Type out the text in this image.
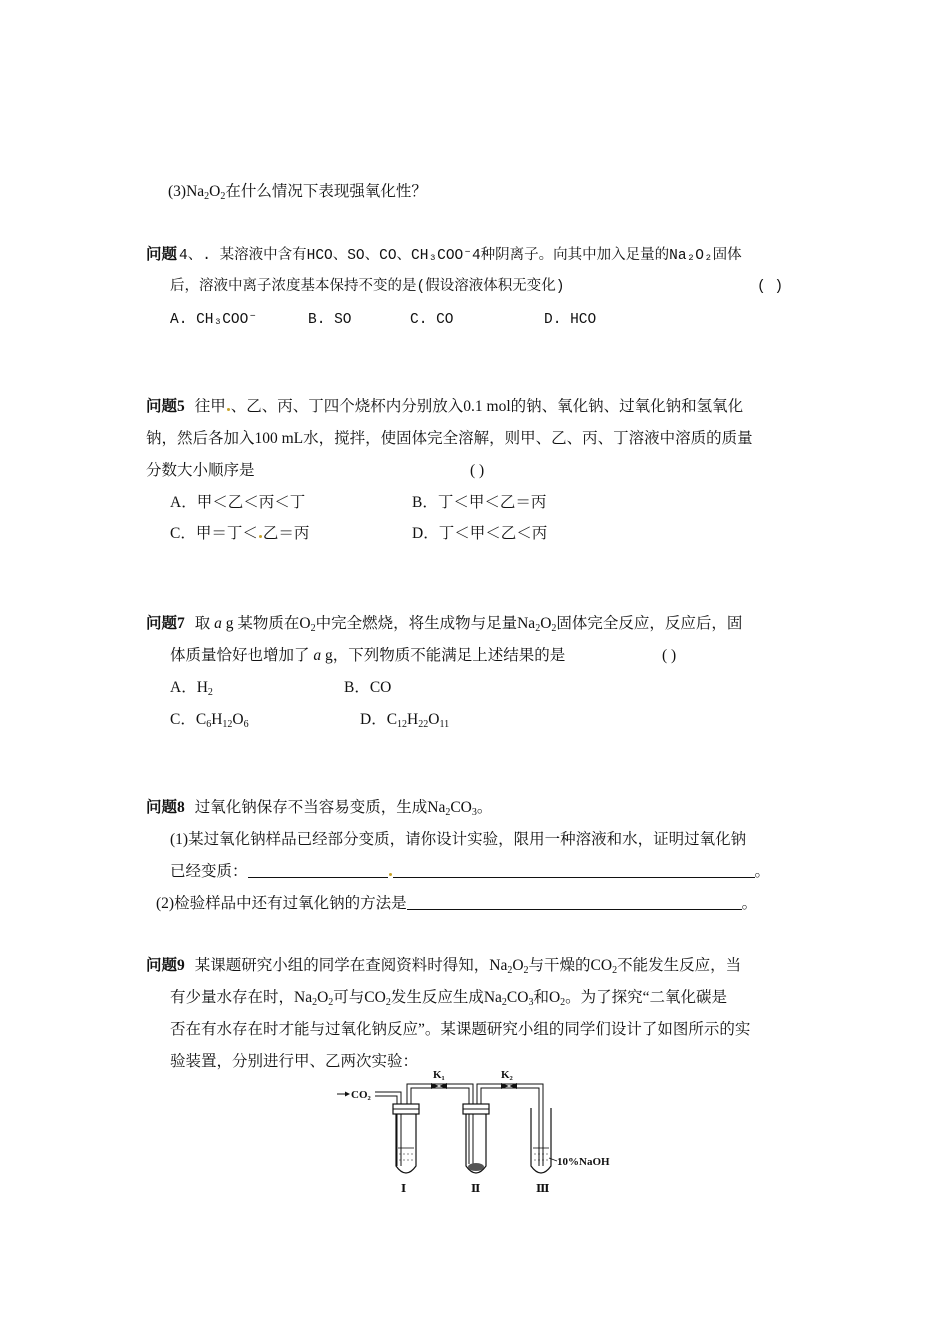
$(3)Na_2O_2$在什么情况下表现强氧化性？
问题 4、. 某溶液中含有HCO、SO、CO、CH₃COO⁻4种阴离子。向其中加入足量的Na₂O₂固体
后，溶液中离子浓度基本保持不变的是(假设溶液体积无变化)	( )
A. CH₃COO⁻	B. SO	C. CO	D. HCO
问题5 往甲 、乙、丙、丁四个烧杯内分别放入0.1 mol的钠、氧化钠、过氧化钠和氢氧化
钠，然后各加入100 mL水，搅拌，使固体完全溶解，则甲、乙、丙、丁溶液中溶质的质量
分数大小顺序是	( )
A．甲＜乙＜丙＜丁	B．丁＜甲＜乙＝丙
C．甲＝丁＜ 乙＝丙	D．丁＜甲＜乙＜丙
问题7 取 a g 某物质在$O_2$中完全燃烧，将生成物与足量$Na_2O_2$固体完全反应，反应后，固
体质量恰好也增加了 a g，下列物质不能满足上述结果的是	( )
A．$H_2$	B．CO
C．$C_6H_{12}O_6$	D．$C_{12}H_{22}O_{11}$
问题8 过氧化钠保存不当容易变质，生成$Na_2CO_3$。
(1)某过氧化钠样品已经部分变质，请你设计实验，限用一种溶液和水，证明过氧化钠
已经变质：	。
(2)检验样品中还有过氧化钠的方法是	。
问题9 某课题研究小组的同学在查阅资料时得知，$Na_2O_2$与干燥的$CO_2$不能发生反应，当
有少量水存在时，$Na_2O_2$可与$CO_2$发生反应生成$Na_2CO_3$和$O_2$。为了探究“二氧化碳是
否在有水存在时才能与过氧化钠反应”。某课题研究小组的同学们设计了如图所示的实
验装置，分别进行甲、乙两次实验：
CO₂
Ⅰ
K₁
Ⅱ
K₂
10%NaOH
Ⅲ
